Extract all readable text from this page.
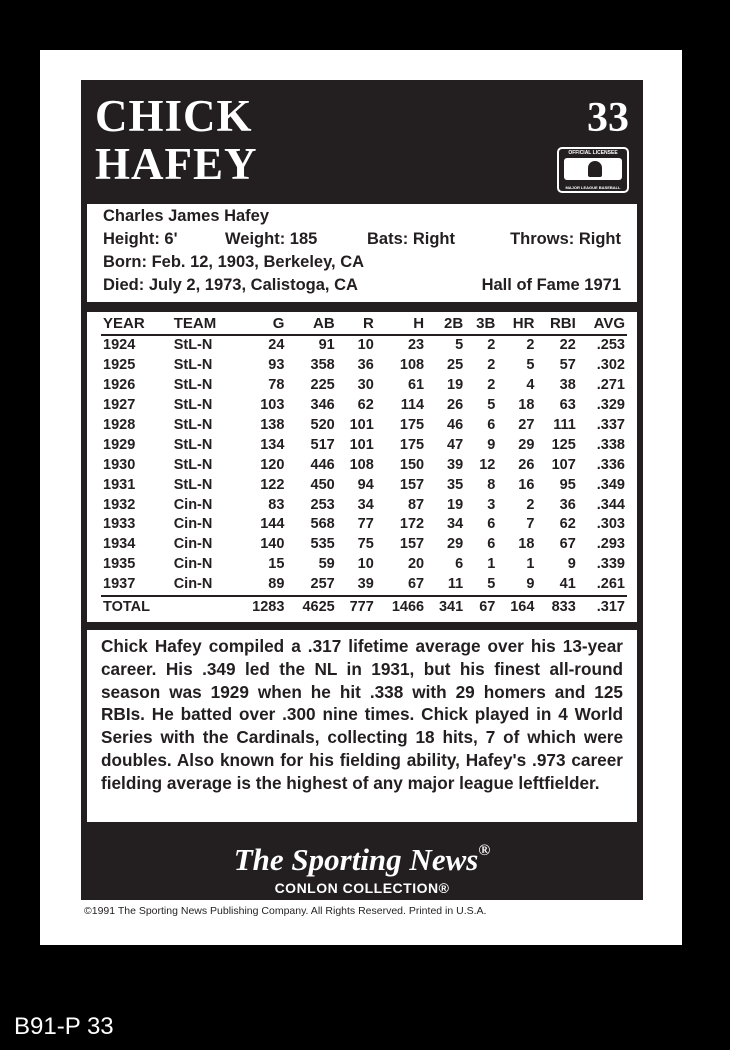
CHICK
HAFEY
33
OFFICIAL LICENSEE
MAJOR LEAGUE BASEBALL
Charles James Hafey
Height: 6'	Weight: 185	Bats: Right	Throws: Right
Born: Feb. 12, 1903, Berkeley, CA
Died: July 2, 1973, Calistoga, CA	Hall of Fame 1971
YEAR	TEAM	G	AB	R	H	2B	3B	HR	RBI	AVG
1924	StL-N	24	91	10	23	5	2	2	22	.253
1925	StL-N	93	358	36	108	25	2	5	57	.302
1926	StL-N	78	225	30	61	19	2	4	38	.271
1927	StL-N	103	346	62	114	26	5	18	63	.329
1928	StL-N	138	520	101	175	46	6	27	111	.337
1929	StL-N	134	517	101	175	47	9	29	125	.338
1930	StL-N	120	446	108	150	39	12	26	107	.336
1931	StL-N	122	450	94	157	35	8	16	95	.349
1932	Cin-N	83	253	34	87	19	3	2	36	.344
1933	Cin-N	144	568	77	172	34	6	7	62	.303
1934	Cin-N	140	535	75	157	29	6	18	67	.293
1935	Cin-N	15	59	10	20	6	1	1	9	.339
1937	Cin-N	89	257	39	67	11	5	9	41	.261
TOTAL		1283	4625	777	1466	341	67	164	833	.317

Chick Hafey compiled a .317 lifetime average over his 13-year career. His .349 led the NL in 1931, but his finest all-round season was 1929 when he hit .338 with 29 homers and 125 RBIs. He batted over .300 nine times. Chick played in 4 World Series with the Cardinals, collecting 18 hits, 7 of which were doubles. Also known for his fielding ability, Hafey's .973 career fielding average is the highest of any major league leftfielder.

The Sporting News®
CONLON COLLECTION®
©1991 The Sporting News Publishing Company. All Rights Reserved. Printed in U.S.A.
B91-P 33
